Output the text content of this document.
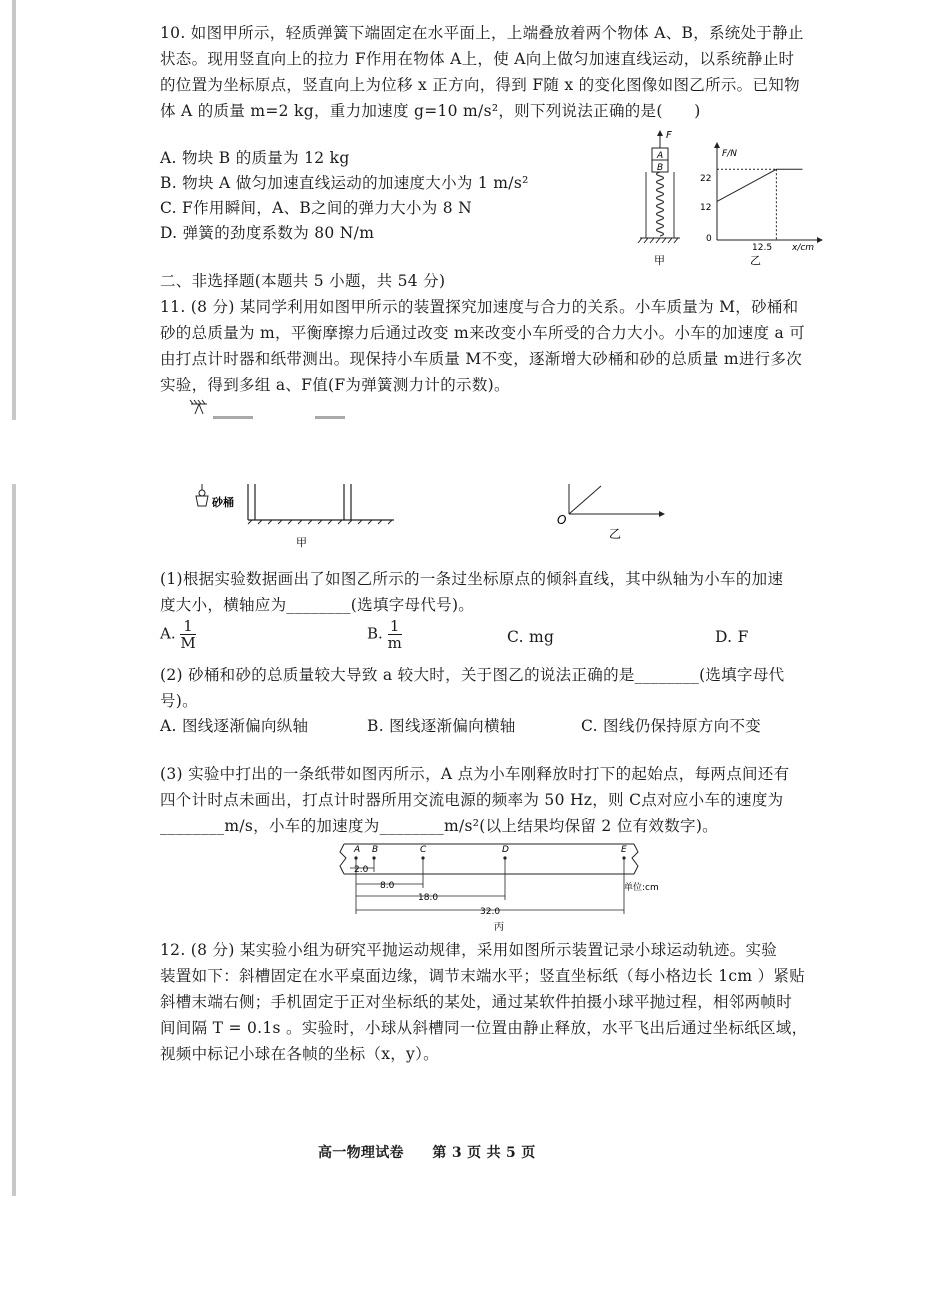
10. 如图甲所示，轻质弹簧下端固定在水平面上，上端叠放着两个物体 A、B，系统处于静止
状态。现用竖直向上的拉力 F作用在物体 A上，使 A向上做匀加速直线运动，以系统静止时
的位置为坐标原点，竖直向上为位移 x 正方向，得到 F随 x 的变化图像如图乙所示。已知物
体 A 的质量 m=2 kg，重力加速度 g=10 m/s²，则下列说法正确的是(　　)
A. 物块 B 的质量为 12 kg
B. 物块 A 做匀加速直线运动的加速度大小为 1 m/s²
C. F作用瞬间，A、B之间的弹力大小为 8 N
D. 弹簧的劲度系数为 80 N/m
F
A
B
甲
F/N
x/cm
0
22
12
12.5
乙
二、非选择题(本题共 5 小题，共 54 分)
11. (8 分) 某同学利用如图甲所示的装置探究加速度与合力的关系。小车质量为 M，砂桶和
砂的总质量为 m，平衡摩擦力后通过改变 m来改变小车所受的合力大小。小车的加速度 a 可
由打点计时器和纸带测出。现保持小车质量 M不变，逐渐增大砂桶和砂的总质量 m进行多次
实验，得到多组 a、F值(F为弹簧测力计的示数)。
砂桶
甲
O
乙
(1)根据实验数据画出了如图乙所示的一条过坐标原点的倾斜直线，其中纵轴为小车的加速
度大小，横轴应为________(选填字母代号)。
A. $\frac{1}{M}$	B. $\frac{1}{m}$	C. mg	D. F
(2) 砂桶和砂的总质量较大导致 a 较大时，关于图乙的说法正确的是________(选填字母代
号)。
A. 图线逐渐偏向纵轴	B. 图线逐渐偏向横轴	C. 图线仍保持原方向不变
(3) 实验中打出的一条纸带如图丙所示，A 点为小车刚释放时打下的起始点，每两点间还有
四个计时点未画出，打点计时器所用交流电源的频率为 50 Hz，则 C点对应小车的速度为
________m/s，小车的加速度为________m/s²(以上结果均保留 2 位有效数字)。
A B	C	D	E
2.0
8.0
18.0
32.0
单位:cm
丙
12. (8 分) 某实验小组为研究平抛运动规律，采用如图所示装置记录小球运动轨迹。实验
装置如下：斜槽固定在水平桌面边缘，调节末端水平；竖直坐标纸（每小格边长 1cm ）紧贴
斜槽末端右侧；手机固定于正对坐标纸的某处，通过某软件拍摄小球平抛过程，相邻两帧时
间间隔 T = 0.1s 。实验时，小球从斜槽同一位置由静止释放，水平飞出后通过坐标纸区域，
视频中标记小球在各帧的坐标（x，y）。
高一物理试卷　　第 3 页 共 5 页
